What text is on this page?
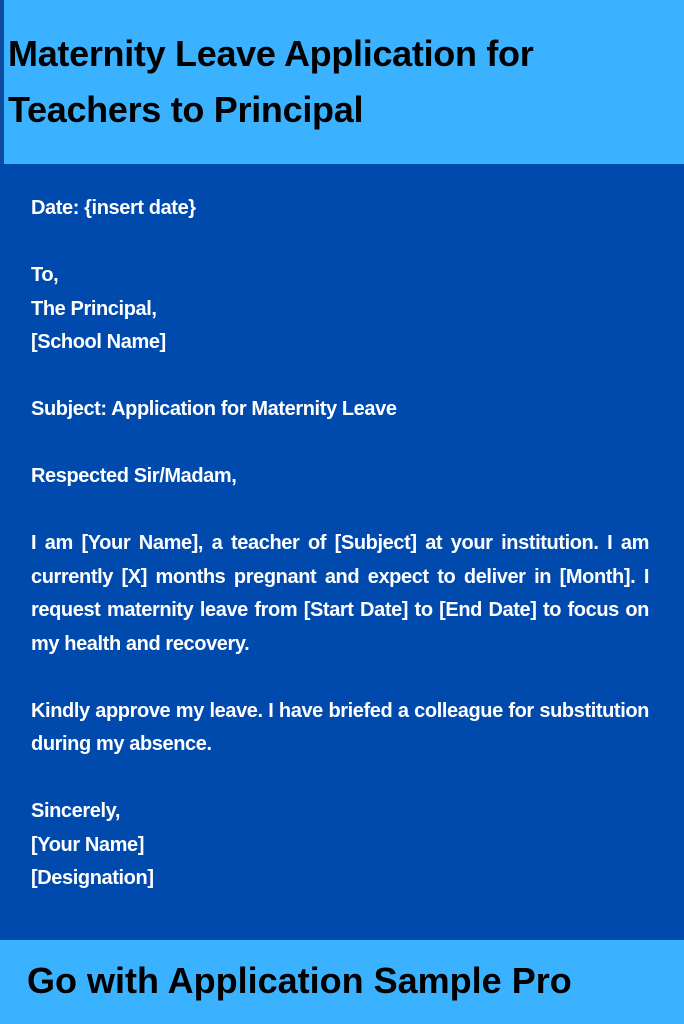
Maternity Leave Application for Teachers to Principal
Date: {insert date}
To,
The Principal,
[School Name]
Subject: Application for Maternity Leave
Respected Sir/Madam,
I am [Your Name], a teacher of [Subject] at your institution. I am currently [X] months pregnant and expect to deliver in [Month]. I request maternity leave from [Start Date] to [End Date] to focus on my health and recovery.
Kindly approve my leave. I have briefed a colleague for substitution during my absence.
Sincerely,
[Your Name]
[Designation]
Go with Application Sample Pro
